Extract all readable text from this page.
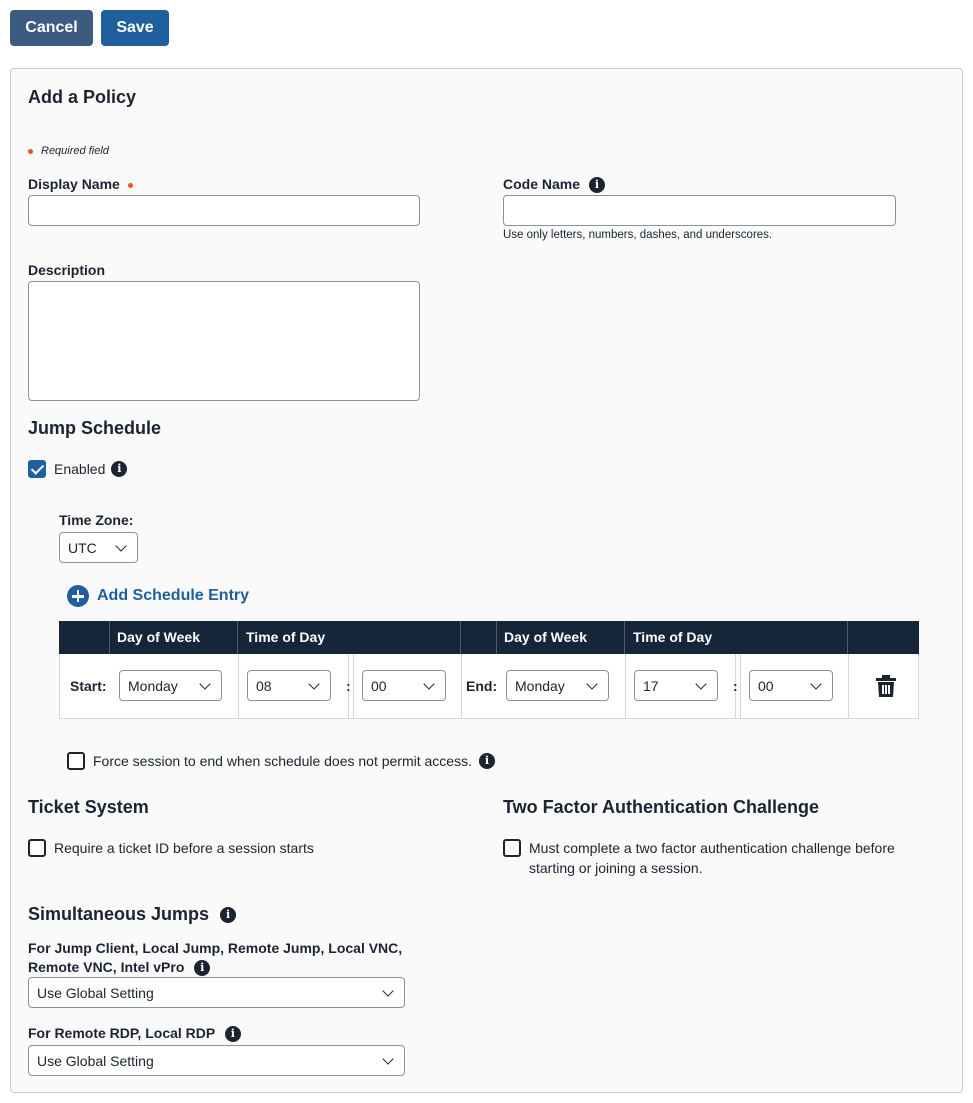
Cancel	Save
Add a Policy
Required field
Display Name	Code Name i
Use only letters, numbers, dashes, and underscores.
Description
Jump Schedule
Enabled	i
Time Zone:
UTC
Add Schedule Entry
Day of Week	Time of Day	Day of Week	Time of Day
Start: Monday	08	: 00	End: Monday	17	: 00
Force session to end when schedule does not permit access.	i
Ticket System
Require a ticket ID before a session starts
Two Factor Authentication Challenge
Must complete a two factor authentication challenge before
starting or joining a session.
Simultaneous Jumps i
For Jump Client, Local Jump, Remote Jump, Local VNC,
Remote VNC, Intel vPro i
Use Global Setting
For Remote RDP, Local RDP i
Use Global Setting
